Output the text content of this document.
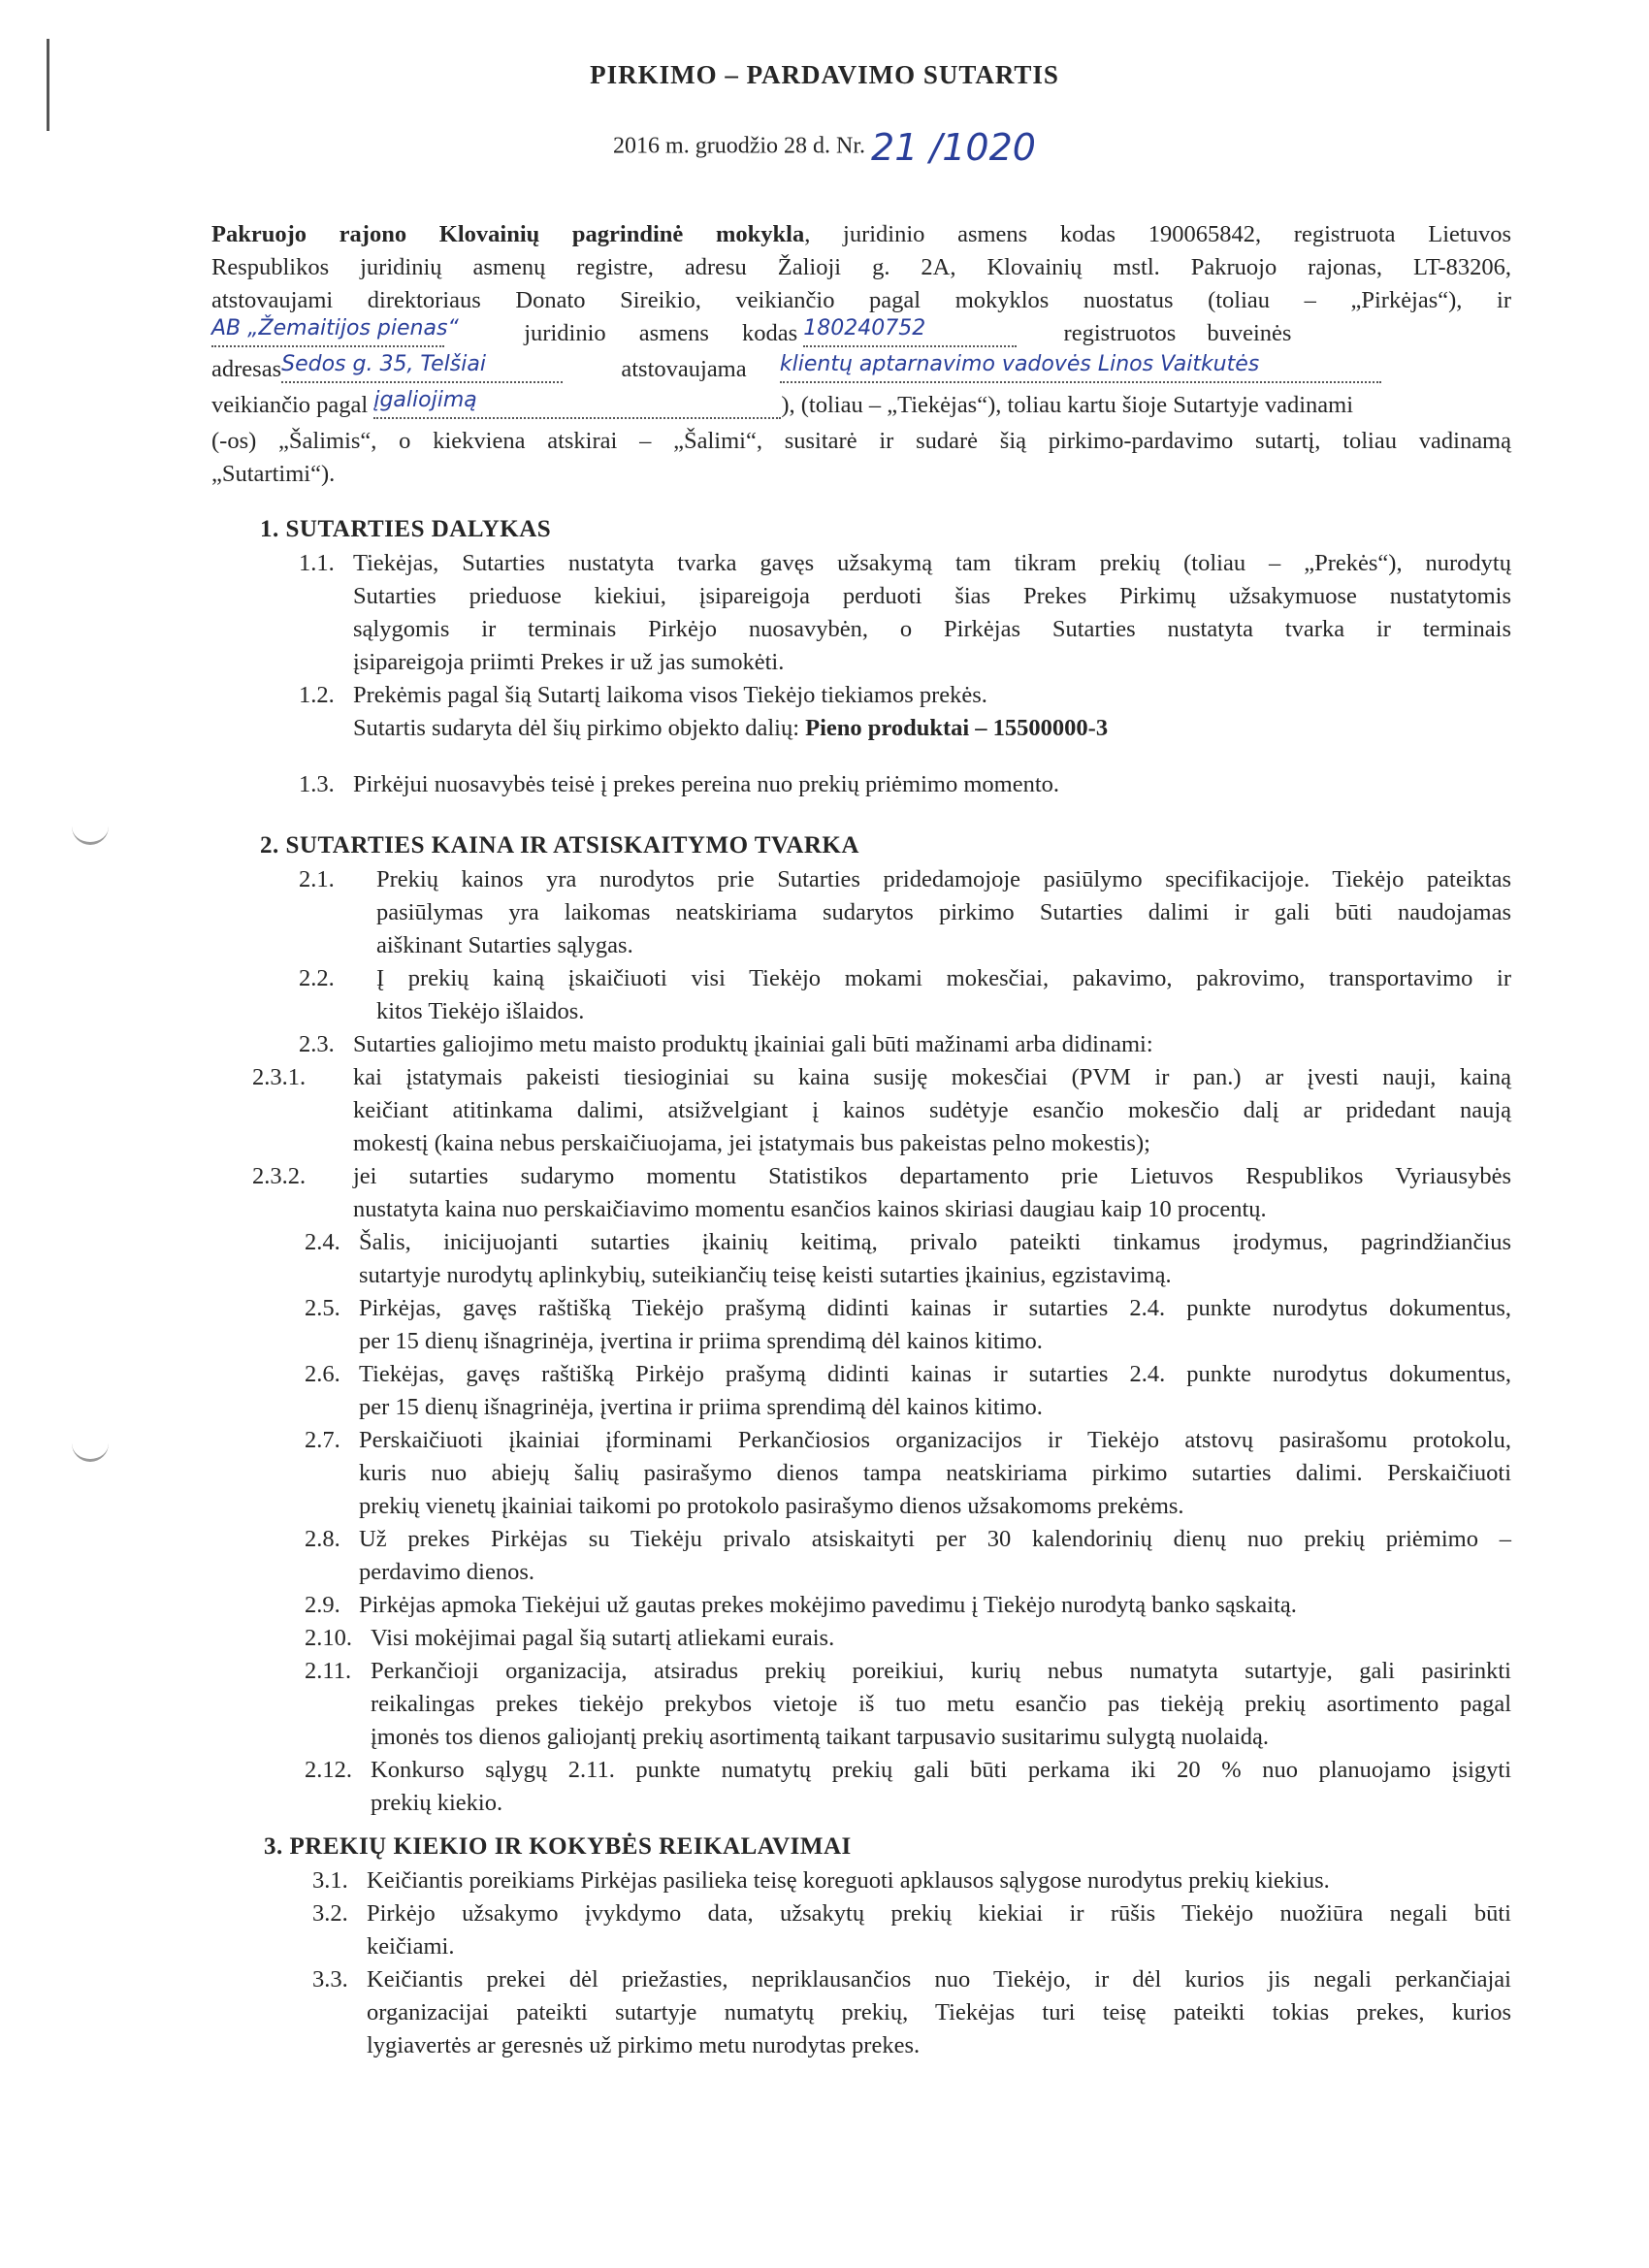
PIRKIMO – PARDAVIMO SUTARTIS
2016 m. gruodžio 28 d. Nr. 21 /1020
Pakruojo rajono Klovainių pagrindinė mokykla, juridinio asmens kodas 190065842, registruota Lietuvos
Respublikos juridinių asmenų registre, adresu Žalioji g. 2A, Klovainių mstl. Pakruojo rajonas, LT-83206,
atstovaujami direktoriaus Donato Sireikio, veikiančio pagal mokyklos nuostatus (toliau – „Pirkėjas“), ir
AB „Žemaitijos pienas“	juridinio asmens kodas 180240752	registruotos buveinės
adresasSedos g. 35, Telšiai	atstovaujama klientų aptarnavimo vadovės Linos Vaitkutės
veikiančio pagal įgaliojimą	), (toliau – „Tiekėjas“), toliau kartu šioje Sutartyje vadinami
(-os) „Šalimis“, o kiekviena atskirai – „Šalimi“, susitarė ir sudarė šią pirkimo-pardavimo sutartį, toliau vadinamą
„Sutartimi“).
1. SUTARTIES DALYKAS
1.1. Tiekėjas, Sutarties nustatyta tvarka gavęs užsakymą tam tikram prekių (toliau – „Prekės“), nurodytų
Sutarties prieduose kiekiui, įsipareigoja perduoti šias Prekes Pirkimų užsakymuose nustatytomis
sąlygomis ir terminais Pirkėjo nuosavybėn, o Pirkėjas Sutarties nustatyta tvarka ir terminais
įsipareigoja priimti Prekes ir už jas sumokėti.
1.2. Prekėmis pagal šią Sutartį laikoma visos Tiekėjo tiekiamos prekės.
Sutartis sudaryta dėl šių pirkimo objekto dalių: Pieno produktai – 15500000-3
1.3. Pirkėjui nuosavybės teisė į prekes pereina nuo prekių priėmimo momento.
2. SUTARTIES KAINA IR ATSISKAITYMO TVARKA
2.1. Prekių kainos yra nurodytos prie Sutarties pridedamojoje pasiūlymo specifikacijoje. Tiekėjo pateiktas
pasiūlymas yra laikomas neatskiriama sudarytos pirkimo Sutarties dalimi ir gali būti naudojamas
aiškinant Sutarties sąlygas.
2.2. Į prekių kainą įskaičiuoti visi Tiekėjo mokami mokesčiai, pakavimo, pakrovimo, transportavimo ir
kitos Tiekėjo išlaidos.
2.3. Sutarties galiojimo metu maisto produktų įkainiai gali būti mažinami arba didinami:
2.3.1. kai įstatymais pakeisti tiesioginiai su kaina susiję mokesčiai (PVM ir pan.) ar įvesti nauji, kainą
keičiant atitinkama dalimi, atsižvelgiant į kainos sudėtyje esančio mokesčio dalį ar pridedant naują
mokestį (kaina nebus perskaičiuojama, jei įstatymais bus pakeistas pelno mokestis);
2.3.2. jei sutarties sudarymo momentu Statistikos departamento prie Lietuvos Respublikos Vyriausybės
nustatyta kaina nuo perskaičiavimo momentu esančios kainos skiriasi daugiau kaip 10 procentų.
2.4. Šalis, inicijuojanti sutarties įkainių keitimą, privalo pateikti tinkamus įrodymus, pagrindžiančius
sutartyje nurodytų aplinkybių, suteikiančių teisę keisti sutarties įkainius, egzistavimą.
2.5. Pirkėjas, gavęs raštišką Tiekėjo prašymą didinti kainas ir sutarties 2.4. punkte nurodytus dokumentus,
per 15 dienų išnagrinėja, įvertina ir priima sprendimą dėl kainos kitimo.
2.6. Tiekėjas, gavęs raštišką Pirkėjo prašymą didinti kainas ir sutarties 2.4. punkte nurodytus dokumentus,
per 15 dienų išnagrinėja, įvertina ir priima sprendimą dėl kainos kitimo.
2.7. Perskaičiuoti įkainiai įforminami Perkančiosios organizacijos ir Tiekėjo atstovų pasirašomu protokolu,
kuris nuo abiejų šalių pasirašymo dienos tampa neatskiriama pirkimo sutarties dalimi. Perskaičiuoti
prekių vienetų įkainiai taikomi po protokolo pasirašymo dienos užsakomoms prekėms.
2.8. Už prekes Pirkėjas su Tiekėju privalo atsiskaityti per 30 kalendorinių dienų nuo prekių priėmimo –
perdavimo dienos.
2.9. Pirkėjas apmoka Tiekėjui už gautas prekes mokėjimo pavedimu į Tiekėjo nurodytą banko sąskaitą.
2.10. Visi mokėjimai pagal šią sutartį atliekami eurais.
2.11. Perkančioji organizacija, atsiradus prekių poreikiui, kurių nebus numatyta sutartyje, gali pasirinkti
reikalingas prekes tiekėjo prekybos vietoje iš tuo metu esančio pas tiekėją prekių asortimento pagal
įmonės tos dienos galiojantį prekių asortimentą taikant tarpusavio susitarimu sulygtą nuolaidą.
2.12. Konkurso sąlygų 2.11. punkte numatytų prekių gali būti perkama iki 20 % nuo planuojamo įsigyti
prekių kiekio.
3. PREKIŲ KIEKIO IR KOKYBĖS REIKALAVIMAI
3.1. Keičiantis poreikiams Pirkėjas pasilieka teisę koreguoti apklausos sąlygose nurodytus prekių kiekius.
3.2. Pirkėjo užsakymo įvykdymo data, užsakytų prekių kiekiai ir rūšis Tiekėjo nuožiūra negali būti
keičiami.
3.3. Keičiantis prekei dėl priežasties, nepriklausančios nuo Tiekėjo, ir dėl kurios jis negali perkančiajai
organizacijai pateikti sutartyje numatytų prekių, Tiekėjas turi teisę pateikti tokias prekes, kurios
lygiavertės ar geresnės už pirkimo metu nurodytas prekes.
